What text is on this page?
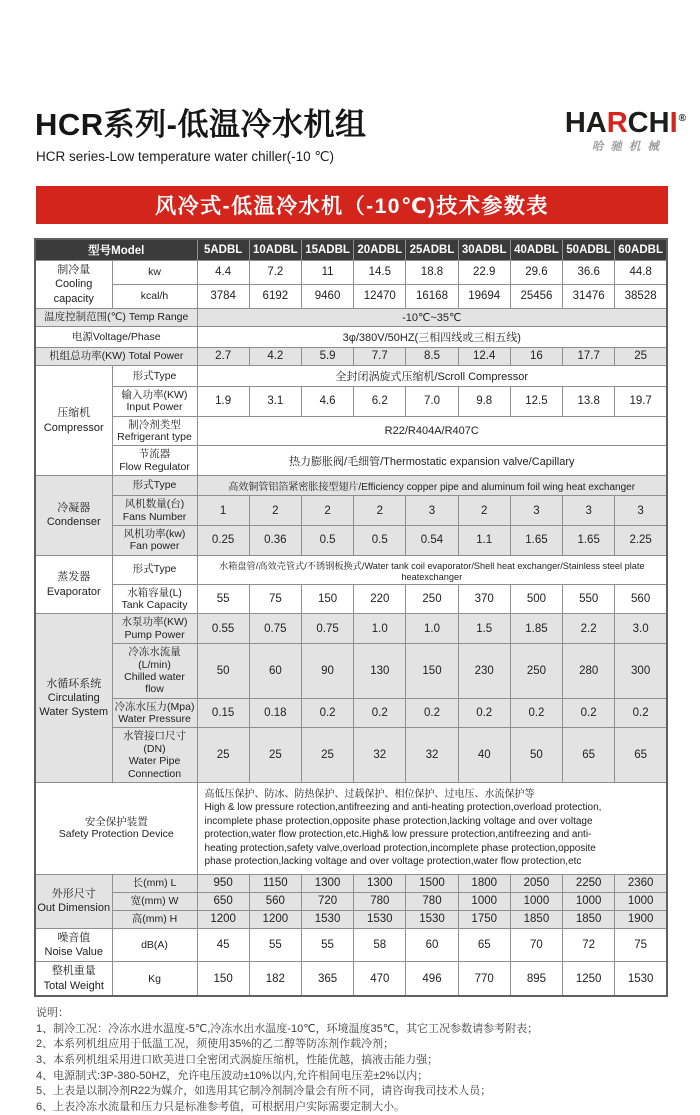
HARCHI®
哈驰机械
HCR系列-低温冷水机组
HCR series-Low temperature water chiller(-10 ℃)
风冷式-低温冷水机（-10℃)技术参数表
型号Model		5ADBL	10ADBL	15ADBL	20ADBL	25ADBL	30ADBL	40ADBL	50ADBL	60ADBL
制冷量
Cooling capacity	kw	4.4	7.2	11	14.5	18.8	22.9	29.6	36.6	44.8
	kcal/h	3784	6192	9460	12470	16168	19694	25456	31476	38528
温度控制范围(℃) Temp Range		-10℃~35℃								
电源Voltage/Phase		3φ/380V/50HZ(三相四线或三相五线)								
机组总功率(KW) Total Power		2.7	4.2	5.9	7.7	8.5	12.4	16	17.7	25
压缩机
Compressor	形式Type	全封闭涡旋式压缩机/Scroll Compressor								
	输入功率(KW)
Input Power	1.9	3.1	4.6	6.2	7.0	9.8	12.5	13.8	19.7
	制冷剂类型
Refrigerant type	R22/R404A/R407C								
	节流器
Flow Regulator	热力膨胀阀/毛细管/Thermostatic expansion valve/Capillary								
冷凝器
Condenser	形式Type	高效铜管铝箔紧密胀接型翅片/Efficiency copper pipe and aluminum foil wing heat exchanger								
	风机数量(台)
Fans Number	1	2	2	2	3	2	3	3	3
	风机功率(kw)
Fan power	0.25	0.36	0.5	0.5	0.54	1.1	1.65	1.65	2.25
蒸发器
Evaporator	形式Type	水箱盘管/高效壳管式/不锈钢板换式/Water tank coil evaporator/Shell heat exchanger/Stainless steel plate heatexchanger								
	水箱容量(L)
Tank Capacity	55	75	150	220	250	370	500	550	560
水循环系统
Circulating
Water System	水泵功率(KW)
Pump Power	0.55	0.75	0.75	1.0	1.0	1.5	1.85	2.2	3.0
	冷冻水流量(L/min)
Chilled water flow	50	60	90	130	150	230	250	280	300
	冷冻水压力(Mpa)
Water Pressure	0.15	0.18	0.2	0.2	0.2	0.2	0.2	0.2	0.2
	水管接口尺寸(DN)
Water Pipe
Connection	25	25	25	32	32	40	50	65	65
安全保护装置
Safety Protection Device	高低压保护、防冰、防热保护、过载保护、相位保护、过电压、水流保护等
High & low pressure rotection,antifreezing and anti-heating protection,overload protection,
incomplete phase protection,opposite phase protection,lacking voltage and over voltage
protection,water flow protection,etc.High& low pressure protection,antifreezing and anti-
heating protection,safety valve,overload protection,incomplete phase protection,opposite
phase protection,lacking voltage and over voltage protection,water flow protection,etc
外形尺寸
Out Dimension	长(mm) L	950	1150	1300	1300	1500	1800	2050	2250	2360
	宽(mm) W	650	560	720	780	780	1000	1000	1000	1000
	高(mm) H	1200	1200	1530	1530	1530	1750	1850	1850	1900
噪音值
Noise Value	dB(A)	45	55	55	58	60	65	70	72	75
整机重量
Total Weight	Kg	150	182	365	470	496	770	895	1250	1530
说明：
1、制冷工况：冷冻水进水温度-5℃,冷冻水出水温度-10℃，环境温度35℃，其它工况参数请参考附表；
2、本系列机组应用于低温工况，须使用35%的乙二醇等防冻剂作载冷剂；
3、本系列机组采用进口欧美进口全密闭式涡旋压缩机，性能优越，搞液击能力强；
4、电源制式:3P-380-50HZ，允许电压波动±10%以内,允许相间电压差±2%以内；
5、上表是以制冷剂R22为媒介，如选用其它制冷剂制冷量会有所不同，请咨询我司技术人员；
6、上表冷冻水流量和压力只是标准参考值，可根据用户实际需要定制大小。
